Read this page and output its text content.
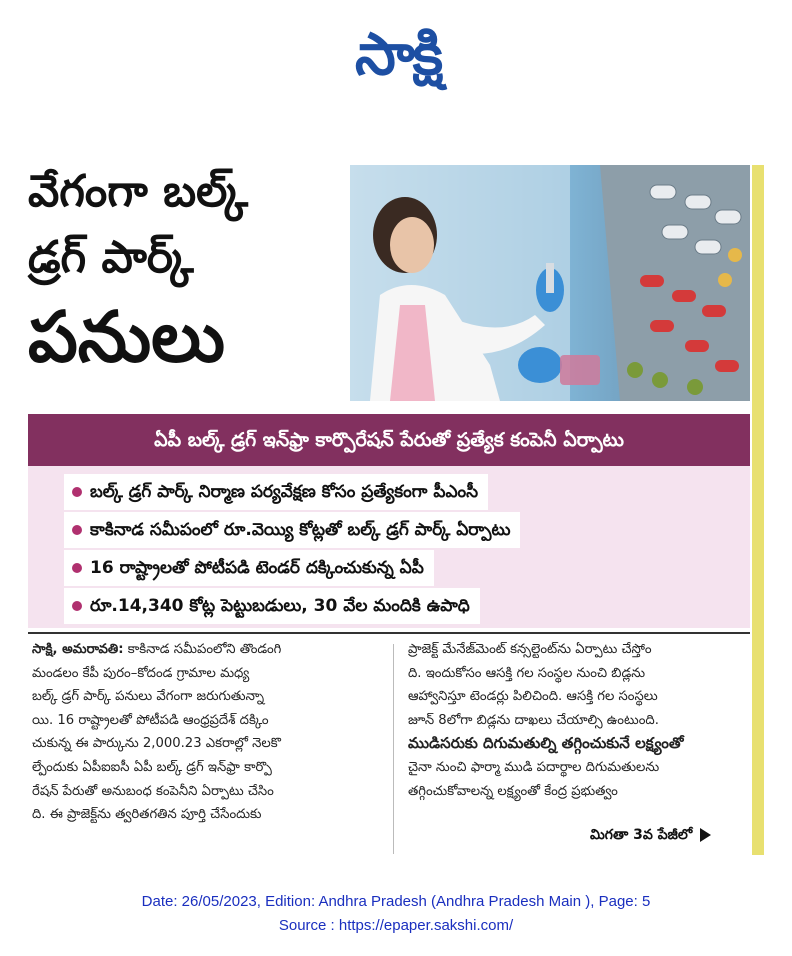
సాక్షి
వేగంగా బల్క్
డ్రగ్ పార్క్
పనులు
ఏపీ బల్క్ డ్రగ్ ఇన్‌ఫ్రా కార్పొరేషన్ పేరుతో ప్రత్యేక కంపెనీ ఏర్పాటు
బల్క్ డ్రగ్ పార్క్ నిర్మాణ పర్యవేక్షణ కోసం ప్రత్యేకంగా పీఎంసీ
కాకినాడ సమీపంలో రూ.వెయ్యి కోట్లతో బల్క్ డ్రగ్ పార్క్ ఏర్పాటు
16 రాష్ట్రాలతో పోటీపడి టెండర్ దక్కించుకున్న ఏపీ
రూ.14,340 కోట్ల పెట్టుబడులు, 30 వేల మందికి ఉపాధి
సాక్షి, అమరావతి: కాకినాడ సమీపంలోని తొండంగి
మండలం కేపీ పురం–కోదండ గ్రామాల మధ్య
బల్క్ డ్రగ్ పార్క్ పనులు వేగంగా జరుగుతున్నా
యి. 16 రాష్ట్రాలతో పోటీపడి ఆంధ్రప్రదేశ్ దక్కిం
చుకున్న ఈ పార్కును 2,000.23 ఎకరాల్లో నెలకొ
ల్పేందుకు ఏపీఐఐసీ ఏపీ బల్క్ డ్రగ్ ఇన్‌ఫ్రా కార్పొ
రేషన్ పేరుతో అనుబంధ కంపెనీని ఏర్పాటు చేసిం
ది. ఈ ప్రాజెక్ట్‌ను త్వరితగతిన పూర్తి చేసేందుకు
ప్రాజెక్ట్ మేనేజ్‌మెంట్ కన్సల్టెంట్‌ను ఏర్పాటు చేస్తోం
ది. ఇందుకోసం ఆసక్తి గల సంస్థల నుంచి బిడ్లను
ఆహ్వానిస్తూ టెండర్లు పిలిచింది. ఆసక్తి గల సంస్థలు
జూన్ 8లోగా బిడ్లను దాఖలు చేయాల్సి ఉంటుంది.
ముడిసరుకు దిగుమతుల్ని తగ్గించుకునే లక్ష్యంతో
చైనా నుంచి ఫార్మా ముడి పదార్థాల దిగుమతులను
తగ్గించుకోవాలన్న లక్ష్యంతో కేంద్ర ప్రభుత్వం
మిగతా 3వ పేజీలో
Date: 26/05/2023, Edition: Andhra Pradesh (Andhra Pradesh Main ), Page: 5
Source : https://epaper.sakshi.com/
